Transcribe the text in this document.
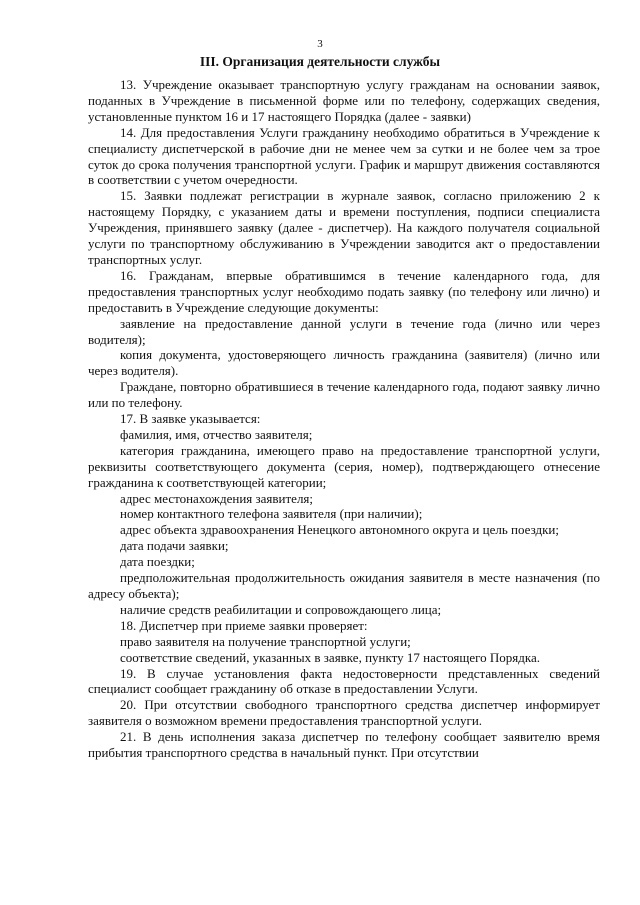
3
III. Организация деятельности службы

13. Учреждение оказывает транспортную услугу гражданам на основании заявок, поданных в Учреждение в письменной форме или по телефону, содержащих сведения, установленные пунктом 16 и 17 настоящего Порядка (далее - заявки)

14. Для предоставления Услуги гражданину необходимо обратиться в Учреждение к специалисту диспетчерской в рабочие дни не менее чем за сутки и не более чем за трое суток до срока получения транспортной услуги. График и маршрут движения составляются в соответствии с учетом очередности.

15. Заявки подлежат регистрации в журнале заявок, согласно приложению 2 к настоящему Порядку, с указанием даты и времени поступления, подписи специалиста Учреждения, принявшего заявку (далее - диспетчер). На каждого получателя социальной услуги по транспортному обслуживанию в Учреждении заводится акт о предоставлении транспортных услуг.

16. Гражданам, впервые обратившимся в течение календарного года, для предоставления транспортных услуг необходимо подать заявку (по телефону или лично) и предоставить в Учреждение следующие документы:

заявление на предоставление данной услуги в течение года (лично или через водителя);

копия документа, удостоверяющего личность гражданина (заявителя) (лично или через водителя).

Граждане, повторно обратившиеся в течение календарного года, подают заявку лично или по телефону.

17. В заявке указывается:

фамилия, имя, отчество заявителя;

категория гражданина, имеющего право на предоставление транспортной услуги, реквизиты соответствующего документа (серия, номер), подтверждающего отнесение гражданина к соответствующей категории;

адрес местонахождения заявителя;

номер контактного телефона заявителя (при наличии);

адрес объекта здравоохранения Ненецкого автономного округа и цель поездки;

дата подачи заявки;

дата поездки;

предположительная продолжительность ожидания заявителя в месте назначения (по адресу объекта);

наличие средств реабилитации и сопровождающего лица;

18. Диспетчер при приеме заявки проверяет:

право заявителя на получение транспортной услуги;

соответствие сведений, указанных в заявке, пункту 17 настоящего Порядка.

19. В случае установления факта недостоверности представленных сведений специалист сообщает гражданину об отказе в предоставлении Услуги.

20. При отсутствии свободного транспортного средства диспетчер информирует заявителя о возможном времени предоставления транспортной услуги.

21. В день исполнения заказа диспетчер по телефону сообщает заявителю время прибытия транспортного средства в начальный пункт. При отсутствии
